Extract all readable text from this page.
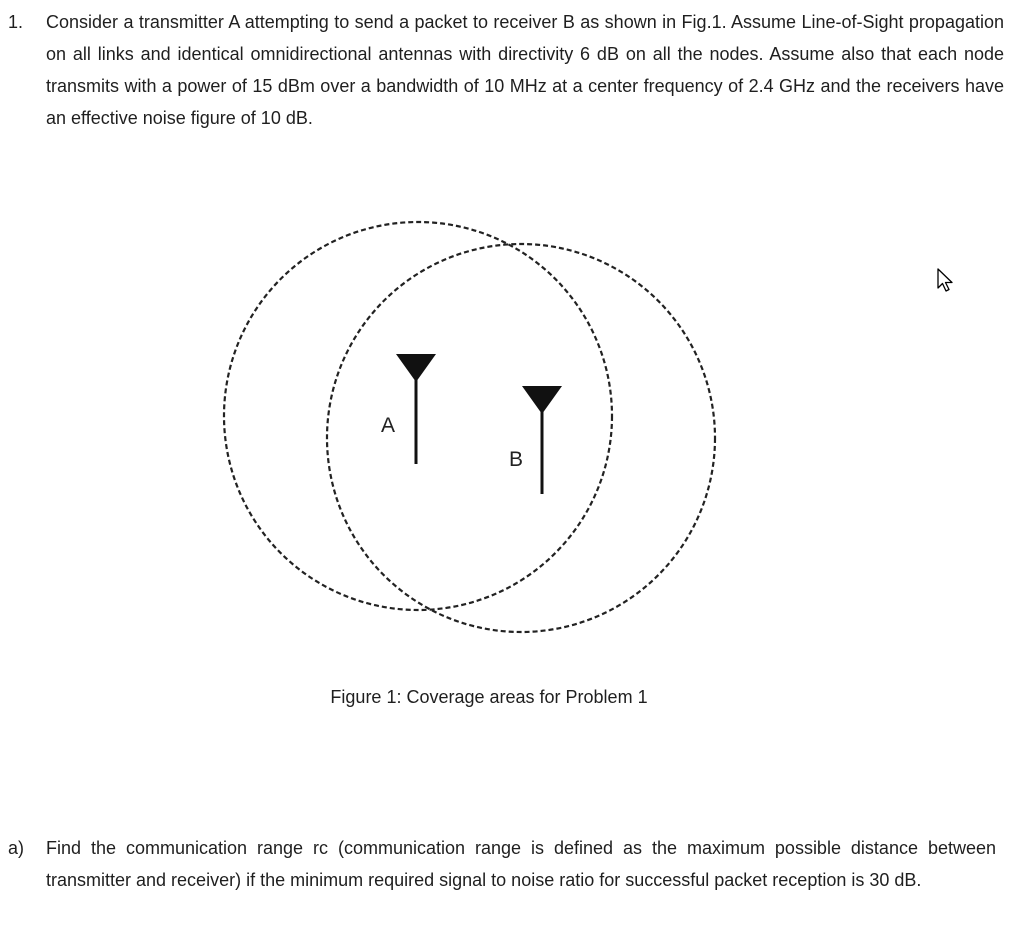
1. Consider a transmitter A attempting to send a packet to receiver B as shown in Fig.1. Assume Line-of-Sight propagation on all links and identical omnidirectional antennas with directivity 6 dB on all the nodes. Assume also that each node transmits with a power of 15 dBm over a bandwidth of 10 MHz at a center frequency of 2.4 GHz and the receivers have an effective noise figure of 10 dB.
A
B
Figure 1: Coverage areas for Problem 1
a) Find the communication range rc (communication range is defined as the maximum possible distance between transmitter and receiver) if the minimum required signal to noise ratio for successful packet reception is 30 dB.
